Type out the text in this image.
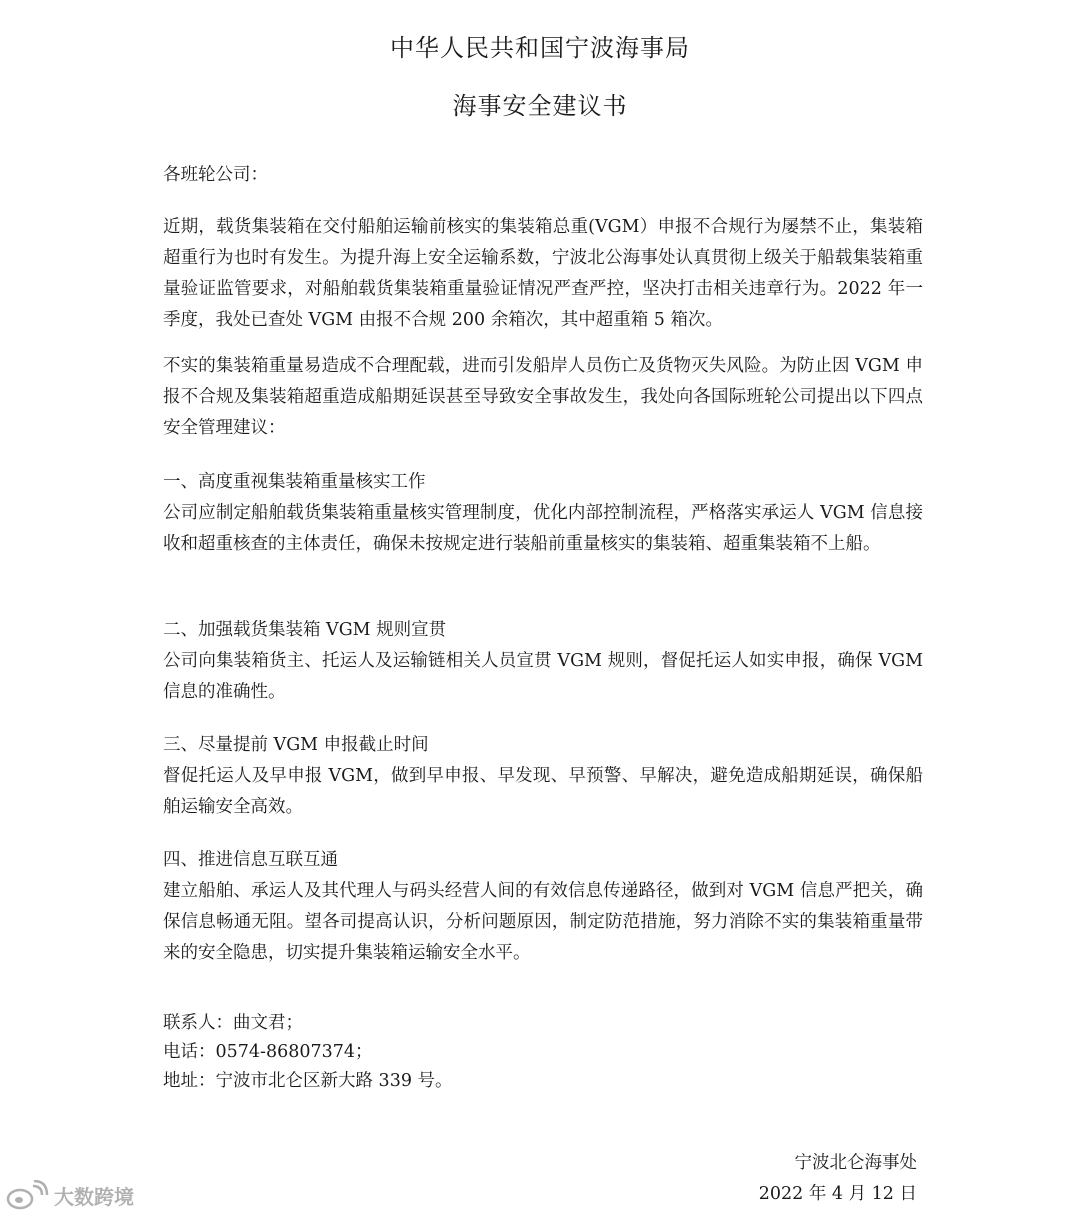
中华人民共和国宁波海事局
海事安全建议书

各班轮公司：

近期，载货集装箱在交付船舶运输前核实的集装箱总重(VGM）申报不合规行为屡禁不止，集装箱超重行为也时有发生。为提升海上安全运输系数，宁波北公海事处认真贯彻上级关于船载集装箱重量验证监管要求，对船舶载货集装箱重量验证情况严查严控，坚决打击相关违章行为。2022 年一季度，我处已查处 VGM 由报不合规 200 余箱次，其中超重箱 5 箱次。

不实的集装箱重量易造成不合理配载，进而引发船岸人员伤亡及货物灭失风险。为防止因 VGM 申报不合规及集装箱超重造成船期延误甚至导致安全事故发生，我处向各国际班轮公司提出以下四点安全管理建议：

一、高度重视集装箱重量核实工作

公司应制定船舶载货集装箱重量核实管理制度，优化内部控制流程，严格落实承运人 VGM 信息接收和超重核查的主体责任，确保未按规定进行装船前重量核实的集装箱、超重集装箱不上船。

二、加强载货集装箱 VGM 规则宣贯

公司向集装箱货主、托运人及运输链相关人员宣贯 VGM 规则，督促托运人如实申报，确保 VGM 信息的准确性。

三、尽量提前 VGM 申报截止时间

督促托运人及早申报 VGM，做到早申报、早发现、早预警、早解决，避免造成船期延误，确保船舶运输安全高效。

四、推进信息互联互通

建立船舶、承运人及其代理人与码头经营人间的有效信息传递路径，做到对 VGM 信息严把关，确保信息畅通无阻。望各司提高认识，分析问题原因，制定防范措施，努力消除不实的集装箱重量带来的安全隐患，切实提升集装箱运输安全水平。

联系人：曲文君；
电话：0574-86807374；
地址：宁波市北仑区新大路 339 号。
宁波北仑海事处
2022 年 4 月 12 日
大数跨境
